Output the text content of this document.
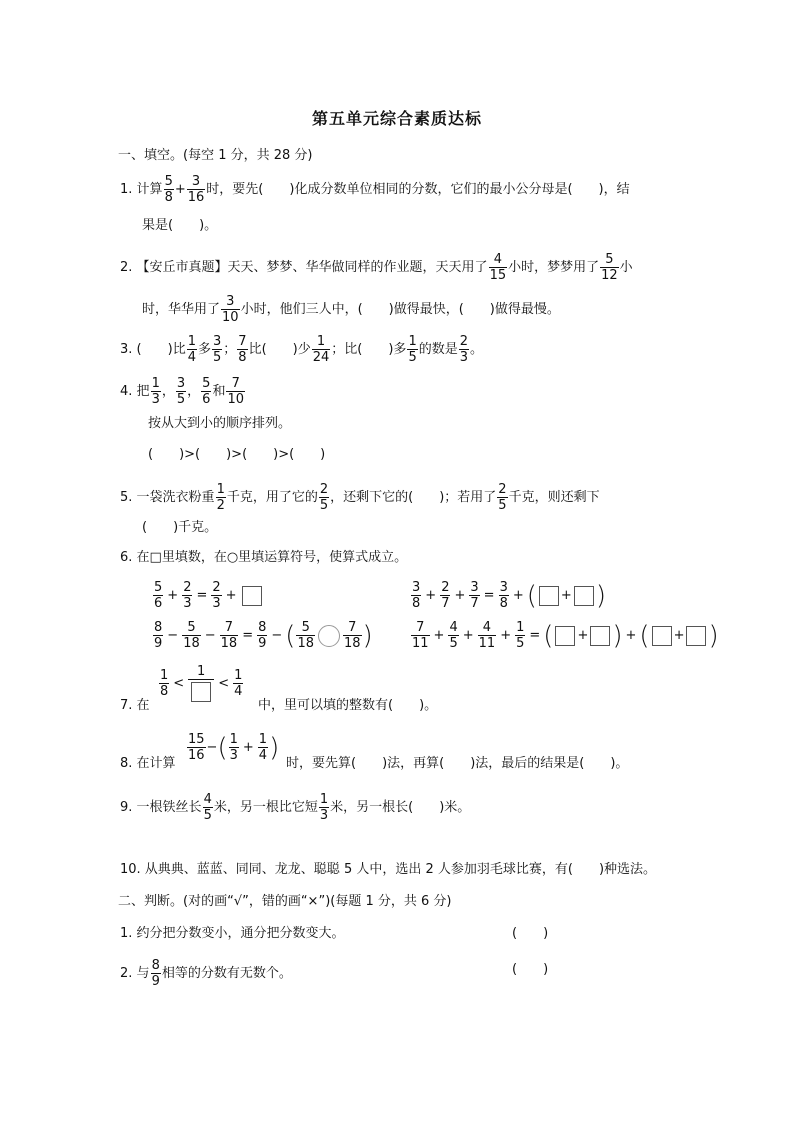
第五单元综合素质达标
一、填空。(每空 1 分，共 28 分)
1. 计算 $\frac{5}{8} + \frac{3}{16}$ 时，要先(　　)化成分数单位相同的分数，它们的最小公分母是(　　)，结
果是(　　)。
2. 【安丘市真题】天天、梦梦、华华做同样的作业题，天天用了 $\frac{4}{15}$ 小时，梦梦用了 $\frac{5}{12}$ 小
时，华华用了 $\frac{3}{10}$ 小时，他们三人中，(　　)做得最快，(　　)做得最慢。
3. (　　)比 $\frac{1}{4}$ 多 $\frac{3}{5}$ ； $\frac{7}{8}$ 比(　　)少 $\frac{1}{24}$ ；比(　　)多 $\frac{1}{5}$ 的数是 $\frac{2}{3}$ 。
4. 把 $\frac{1}{3}$ ， $\frac{3}{5}$ ， $\frac{5}{6}$ 和 $\frac{7}{10}$
按从大到小的顺序排列。
(　　)>(　　)>(　　)>(　　)
5. 一袋洗衣粉重 $\frac{1}{2}$ 千克，用了它的 $\frac{2}{5}$ ，还剩下它的(　　)；若用了 $\frac{2}{5}$ 千克，则还剩下
(　　)千克。
6. 在□里填数，在○里填运算符号，使算式成立。
$\frac{5}{6} + \frac{2}{3} = \frac{2}{3}$ +	$\frac{3}{8} + \frac{2}{7} + \frac{3}{7} = \frac{3}{8}$ + ( + )
$\frac{8}{9} - \frac{5}{18} - \frac{7}{18} = \frac{8}{9}$ − ( $\frac{5}{18} \frac{7}{18}$ )	$\frac{7}{11} + \frac{4}{5} + \frac{4}{11} + \frac{1}{5}$ = ( + ) + ( + )
$\frac{1}{8}$ <
1
< $\frac{1}{4}$
7. 在	中，里可以填的整数有(　　)。
8. 在计算
$\frac{15}{16}$ −( $\frac{1}{3} + \frac{1}{4}$ )
时，要先算(　　)法，再算(　　)法，最后的结果是(　　)。
9. 一根铁丝长 $\frac{4}{5}$ 米，另一根比它短 $\frac{1}{3}$ 米，另一根长(　　)米。
10. 从典典、蓝蓝、同同、龙龙、聪聪 5 人中，选出 2 人参加羽毛球比赛，有(　　)种选法。
二、判断。(对的画“√”，错的画“×”)(每题 1 分，共 6 分)
1. 约分把分数变小，通分把分数变大。	(　　)
2. 与 $\frac{8}{9}$ 相等的分数有无数个。	(　　)
